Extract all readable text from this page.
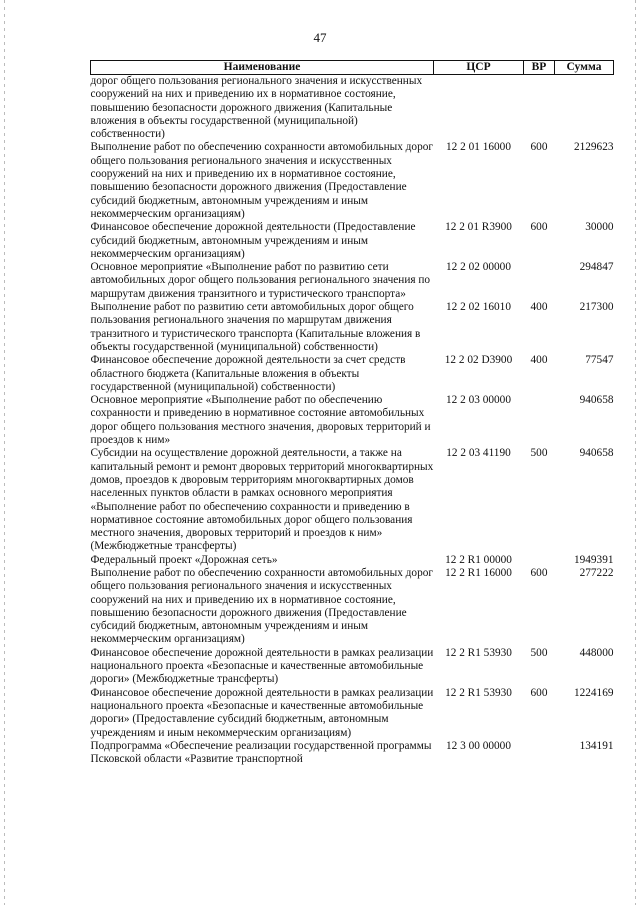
47
Наименование	ЦСР	ВР	Сумма
дорог общего пользования регионального значения и искусственных сооружений на них и приведению их в нормативное состояние, повышению безопасности дорожного движения (Капитальные вложения в объекты государственной (муниципальной) собственности)			
Выполнение работ по обеспечению сохранности автомобильных дорог общего пользования регионального значения и искусственных сооружений на них и приведению их в нормативное состояние, повышению безопасности дорожного движения (Предоставление субсидий бюджетным, автономным учреждениям и иным некоммерческим организациям)	12 2 01 16000	600	2129623
Финансовое обеспечение дорожной деятельности (Предоставление субсидий бюджетным, автономным учреждениям и иным некоммерческим организациям)	12 2 01 R3900	600	30000
Основное мероприятие «Выполнение работ по развитию сети автомобильных дорог общего пользования регионального значения по маршрутам движения транзитного и туристического транспорта»	12 2 02 00000		294847
Выполнение работ по развитию сети автомобильных дорог общего пользования регионального значения по маршрутам движения транзитного и туристического транспорта (Капитальные вложения в объекты государственной (муниципальной) собственности)	12 2 02 16010	400	217300
Финансовое обеспечение дорожной деятельности за счет средств областного бюджета (Капитальные вложения в объекты государственной (муниципальной) собственности)	12 2 02 D3900	400	77547
Основное мероприятие «Выполнение работ по обеспечению сохранности и приведению в нормативное состояние автомобильных дорог общего пользования местного значения, дворовых территорий и проездов к ним»	12 2 03 00000		940658
Субсидии на осуществление дорожной деятельности, а также на капитальный ремонт и ремонт дворовых территорий многоквартирных домов, проездов к дворовым территориям многоквартирных домов населенных пунктов области в рамках основного мероприятия «Выполнение работ по обеспечению сохранности и приведению в нормативное состояние автомобильных дорог общего пользования местного значения, дворовых территорий и проездов к ним» (Межбюджетные трансферты)	12 2 03 41190	500	940658
Федеральный проект «Дорожная сеть»	12 2 R1 00000		1949391
Выполнение работ по обеспечению сохранности автомобильных дорог общего пользования регионального значения и искусственных сооружений на них и приведению их в нормативное состояние, повышению безопасности дорожного движения (Предоставление субсидий бюджетным, автономным учреждениям и иным некоммерческим организациям)	12 2 R1 16000	600	277222
Финансовое обеспечение дорожной деятельности в рамках реализации национального проекта «Безопасные и качественные автомобильные дороги» (Межбюджетные трансферты)	12 2 R1 53930	500	448000
Финансовое обеспечение дорожной деятельности в рамках реализации национального проекта «Безопасные и качественные автомобильные дороги» (Предоставление субсидий бюджетным, автономным учреждениям и иным некоммерческим организациям)	12 2 R1 53930	600	1224169
Подпрограмма «Обеспечение реализации государственной программы Псковской области «Развитие транспортной	12 3 00 00000		134191
